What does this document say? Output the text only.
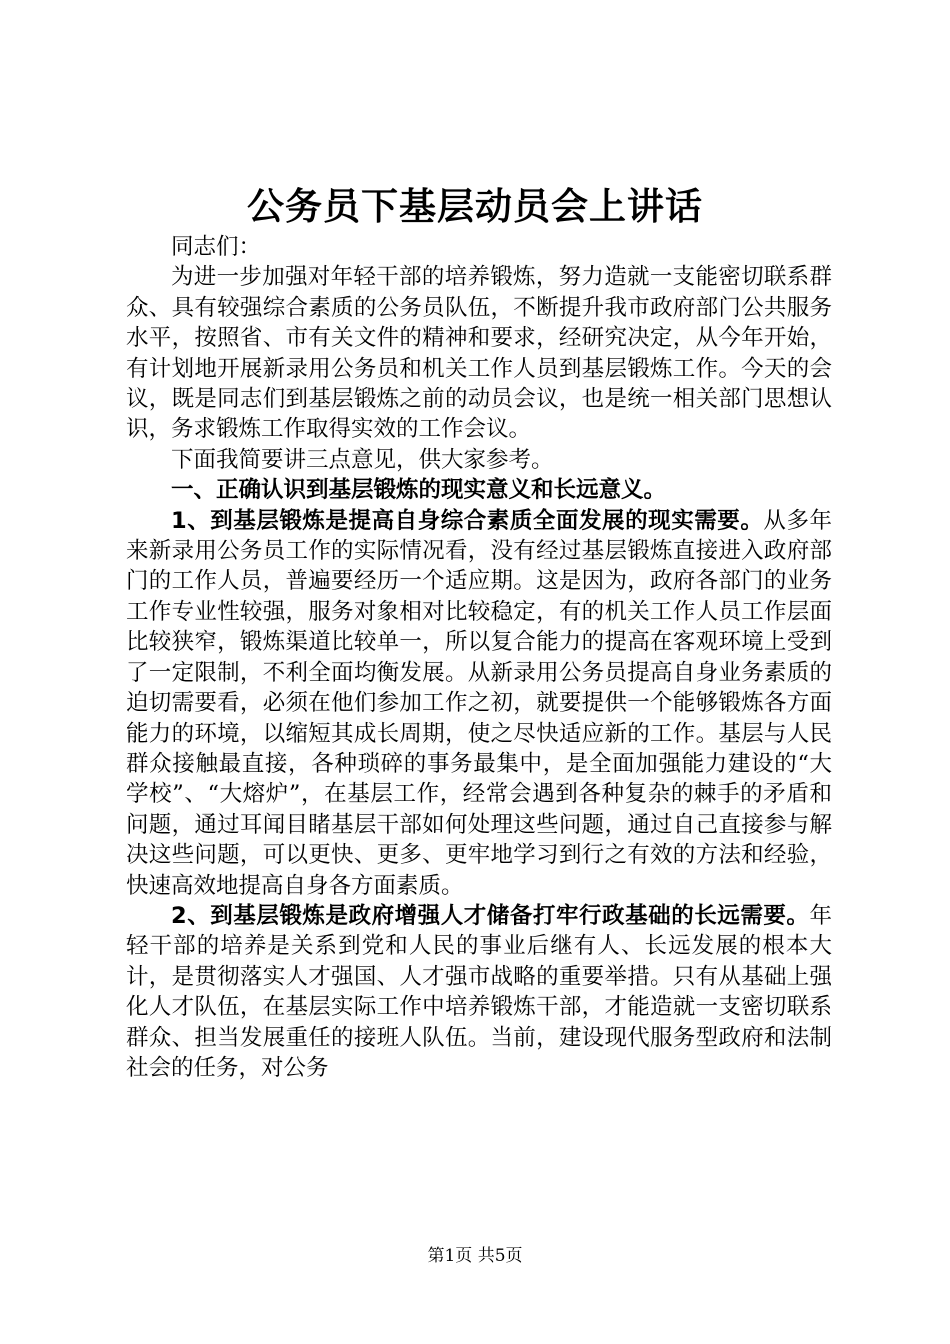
公务员下基层动员会上讲话

同志们：

为进一步加强对年轻干部的培养锻炼，努力造就一支能密切联系群众、具有较强综合素质的公务员队伍，不断提升我市政府部门公共服务水平，按照省、市有关文件的精神和要求，经研究决定，从今年开始，有计划地开展新录用公务员和机关工作人员到基层锻炼工作。今天的会议，既是同志们到基层锻炼之前的动员会议，也是统一相关部门思想认识，务求锻炼工作取得实效的工作会议。

下面我简要讲三点意见，供大家参考。

一、正确认识到基层锻炼的现实意义和长远意义。

1、到基层锻炼是提高自身综合素质全面发展的现实需要。从多年来新录用公务员工作的实际情况看，没有经过基层锻炼直接进入政府部门的工作人员，普遍要经历一个适应期。这是因为，政府各部门的业务工作专业性较强，服务对象相对比较稳定，有的机关工作人员工作层面比较狭窄，锻炼渠道比较单一，所以复合能力的提高在客观环境上受到了一定限制，不利全面均衡发展。从新录用公务员提高自身业务素质的迫切需要看，必须在他们参加工作之初，就要提供一个能够锻炼各方面能力的环境，以缩短其成长周期，使之尽快适应新的工作。基层与人民群众接触最直接，各种琐碎的事务最集中，是全面加强能力建设的“大学校”、“大熔炉”，在基层工作，经常会遇到各种复杂的棘手的矛盾和问题，通过耳闻目睹基层干部如何处理这些问题，通过自己直接参与解决这些问题，可以更快、更多、更牢地学习到行之有效的方法和经验，快速高效地提高自身各方面素质。

2、到基层锻炼是政府增强人才储备打牢行政基础的长远需要。年轻干部的培养是关系到党和人民的事业后继有人、长远发展的根本大计，是贯彻落实人才强国、人才强市战略的重要举措。只有从基础上强化人才队伍，在基层实际工作中培养锻炼干部，才能造就一支密切联系群众、担当发展重任的接班人队伍。当前，建设现代服务型政府和法制社会的任务，对公务

第1页 共5页
